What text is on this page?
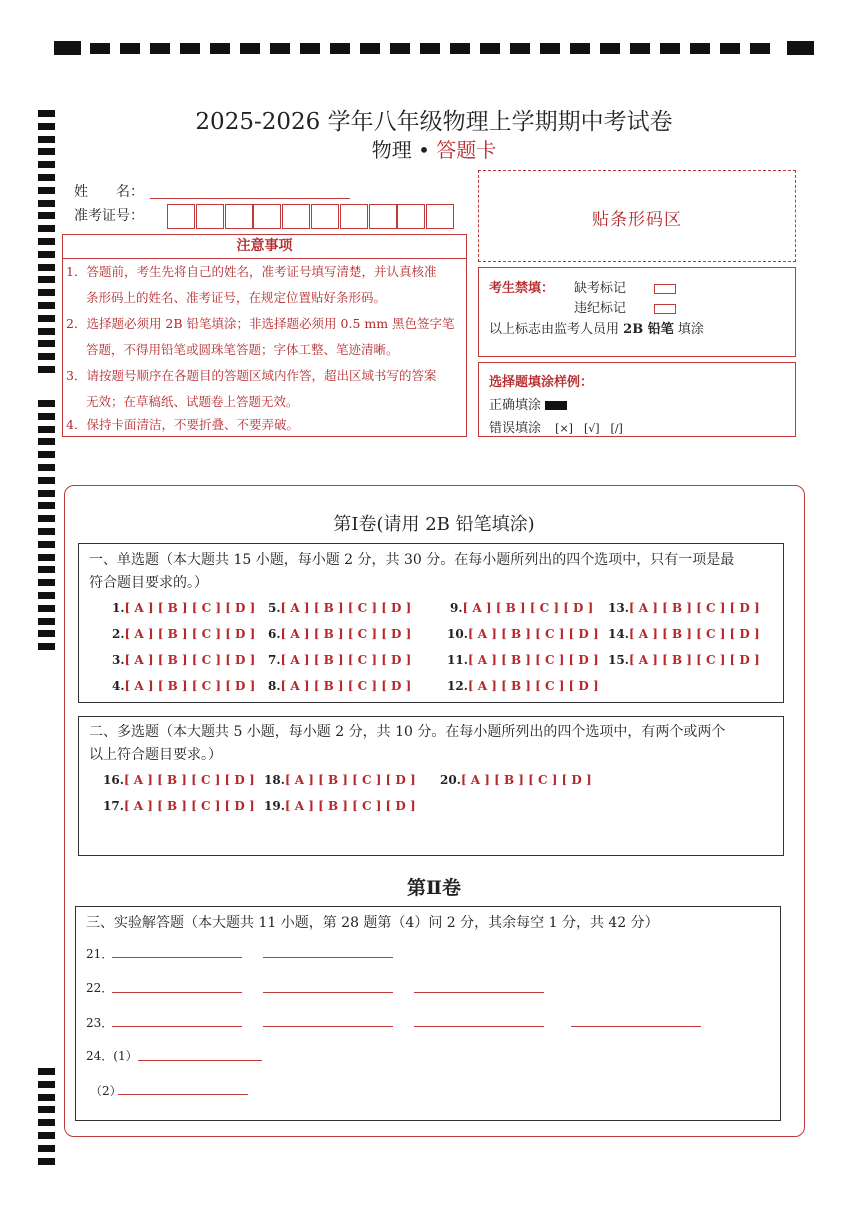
2025-2026 学年八年级物理上学期期中考试卷
物理 • 答题卡
姓　　名：
准考证号：	贴条形码区
注意事项
1．答题前，考生先将自己的姓名，准考证号填写清楚，并认真核准
条形码上的姓名、准考证号，在规定位置贴好条形码。
2．选择题必须用 2B 铅笔填涂；非选择题必须用 0.5 mm 黑色签字笔
答题，不得用铅笔或圆珠笔答题；字体工整、笔迹清晰。
3．请按题号顺序在各题目的答题区域内作答，超出区域书写的答案
无效；在草稿纸、试题卷上答题无效。
4．保持卡面清洁，不要折叠、不要弄破。
考生禁填： 缺考标记
违纪标记
以上标志由监考人员用 2B 铅笔 填涂
选择题填涂样例：
正确填涂
错误填涂 [×]　[√]　[/]
第Ⅰ卷(请用 2B 铅笔填涂)
一、单选题（本大题共 15 小题，每小题 2 分，共 30 分。在每小题所列出的四个选项中，只有一项是最
符合题目要求的。）
1.[ A ] [ B ] [ C ] [ D ]
2.[ A ] [ B ] [ C ] [ D ]
3.[ A ] [ B ] [ C ] [ D ]
4.[ A ] [ B ] [ C ] [ D ]
5.[ A ] [ B ] [ C ] [ D ]
6.[ A ] [ B ] [ C ] [ D ]
7.[ A ] [ B ] [ C ] [ D ]
8.[ A ] [ B ] [ C ] [ D ]
9.[ A ] [ B ] [ C ] [ D ]
10.[ A ] [ B ] [ C ] [ D ]
11.[ A ] [ B ] [ C ] [ D ]
12.[ A ] [ B ] [ C ] [ D ]
13.[ A ] [ B ] [ C ] [ D ]
14.[ A ] [ B ] [ C ] [ D ]
15.[ A ] [ B ] [ C ] [ D ]
二、多选题（本大题共 5 小题，每小题 2 分，共 10 分。在每小题所列出的四个选项中，有两个或两个
以上符合题目要求。）
16.[ A ] [ B ] [ C ] [ D ]
17.[ A ] [ B ] [ C ] [ D ]
18.[ A ] [ B ] [ C ] [ D ]
19.[ A ] [ B ] [ C ] [ D ]
20.[ A ] [ B ] [ C ] [ D ]
第Ⅱ卷
三、实验解答题（本大题共 11 小题，第 28 题第（4）问 2 分，其余每空 1 分，共 42 分）
21．
22．
23．
24．(1）
（2）
